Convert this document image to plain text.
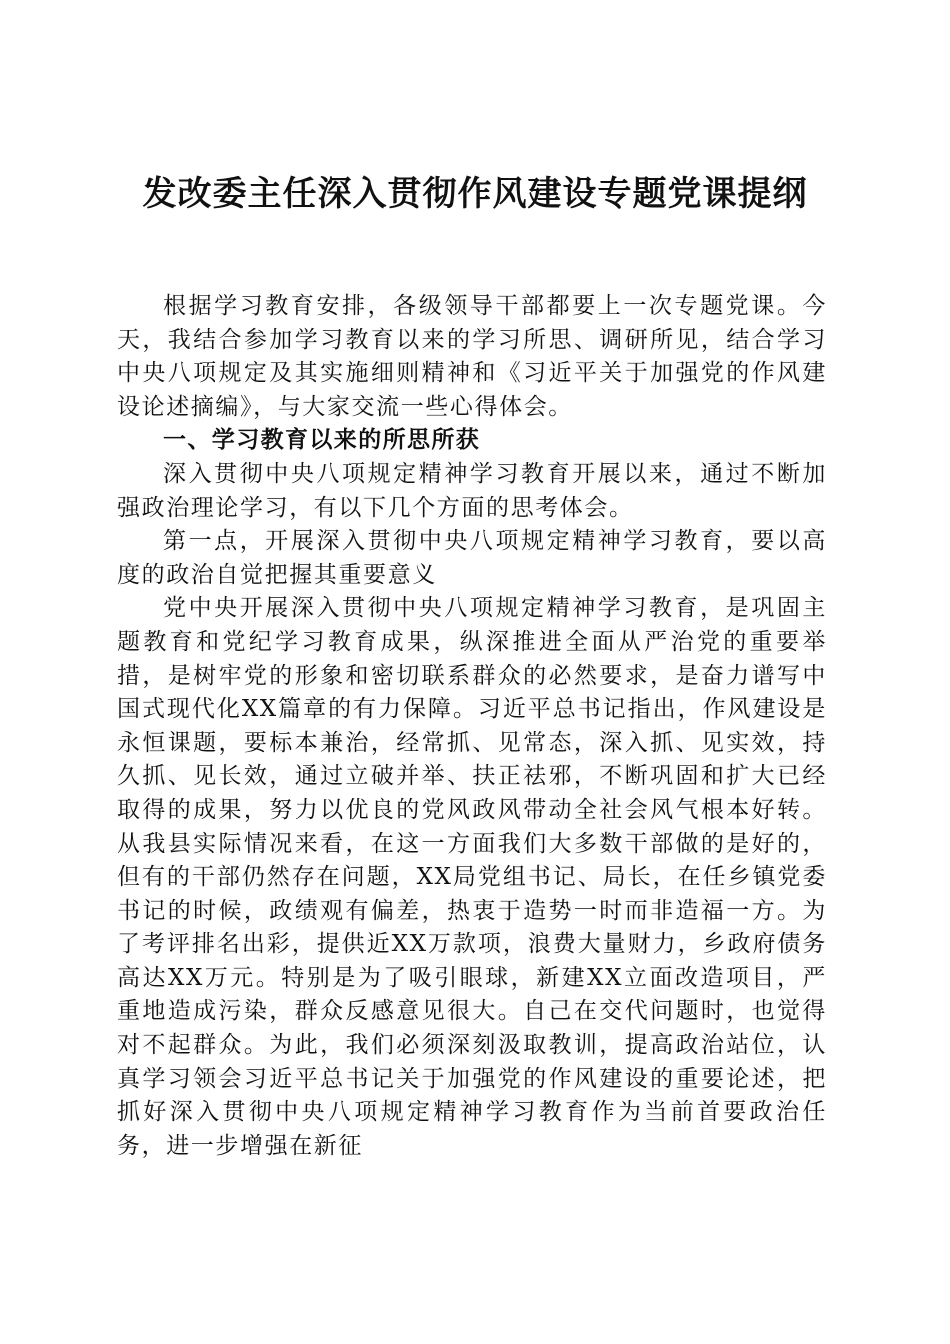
发改委主任深入贯彻作风建设专题党课提纲

根据学习教育安排，各级领导干部都要上一次专题党课。今天，我结合参加学习教育以来的学习所思、调研所见，结合学习中央八项规定及其实施细则精神和《习近平关于加强党的作风建设论述摘编》，与大家交流一些心得体会。

一、学习教育以来的所思所获

深入贯彻中央八项规定精神学习教育开展以来，通过不断加强政治理论学习，有以下几个方面的思考体会。

第一点，开展深入贯彻中央八项规定精神学习教育，要以高度的政治自觉把握其重要意义

党中央开展深入贯彻中央八项规定精神学习教育，是巩固主题教育和党纪学习教育成果，纵深推进全面从严治党的重要举措，是树牢党的形象和密切联系群众的必然要求，是奋力谱写中国式现代化XX篇章的有力保障。习近平总书记指出，作风建设是永恒课题，要标本兼治，经常抓、见常态，深入抓、见实效，持久抓、见长效，通过立破并举、扶正祛邪，不断巩固和扩大已经取得的成果，努力以优良的党风政风带动全社会风气根本好转。从我县实际情况来看，在这一方面我们大多数干部做的是好的，但有的干部仍然存在问题，XX局党组书记、局长，在任乡镇党委书记的时候，政绩观有偏差，热衷于造势一时而非造福一方。为了考评排名出彩，提供近XX万款项，浪费大量财力，乡政府债务高达XX万元。特别是为了吸引眼球，新建XX立面改造项目，严重地造成污染，群众反感意见很大。自己在交代问题时，也觉得对不起群众。为此，我们必须深刻汲取教训，提高政治站位，认真学习领会习近平总书记关于加强党的作风建设的重要论述，把抓好深入贯彻中央八项规定精神学习教育作为当前首要政治任务，进一步增强在新征
